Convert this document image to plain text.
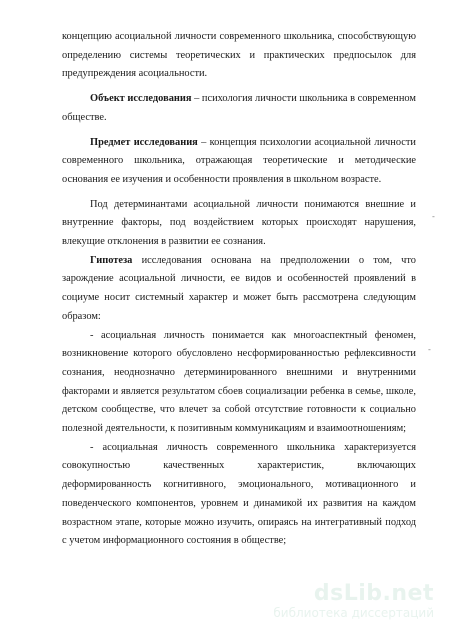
концепцию асоциальной личности современного школьника, способствующую определению системы теоретических и практических предпосылок для предупреждения асоциальности.

Объект исследования – психология личности школьника в современном обществе.

Предмет исследования – концепция психологии асоциальной личности современного школьника, отражающая теоретические и методические основания ее изучения и особенности проявления в школьном возрасте.

Под детерминантами асоциальной личности понимаются внешние и внутренние факторы, под воздействием которых происходят нарушения, влекущие отклонения в развитии ее сознания.

Гипотеза исследования основана на предположении о том, что зарождение асоциальной личности, ее видов и особенностей проявлений в социуме носит системный характер и может быть рассмотрена следующим образом:

- асоциальная личность понимается как многоаспектный феномен, возникновение которого обусловлено несформированностью рефлексивности сознания, неоднозначно детерминированного внешними и внутренними факторами и является результатом сбоев социализации ребенка в семье, школе, детском сообществе, что влечет за собой отсутствие готовности к социально полезной деятельности, к позитивным коммуникациям и взаимоотношениям;

- асоциальная личность современного школьника характеризуется совокупностью качественных характеристик, включающих деформированность когнитивного, эмоционального, мотивационного и поведенческого компонентов, уровнем и динамикой их развития на каждом возрастном этапе, которые можно изучить, опираясь на интегративный подход с учетом информационного состояния в обществе;

-
-
dsLib.net
библиотека диссертаций
